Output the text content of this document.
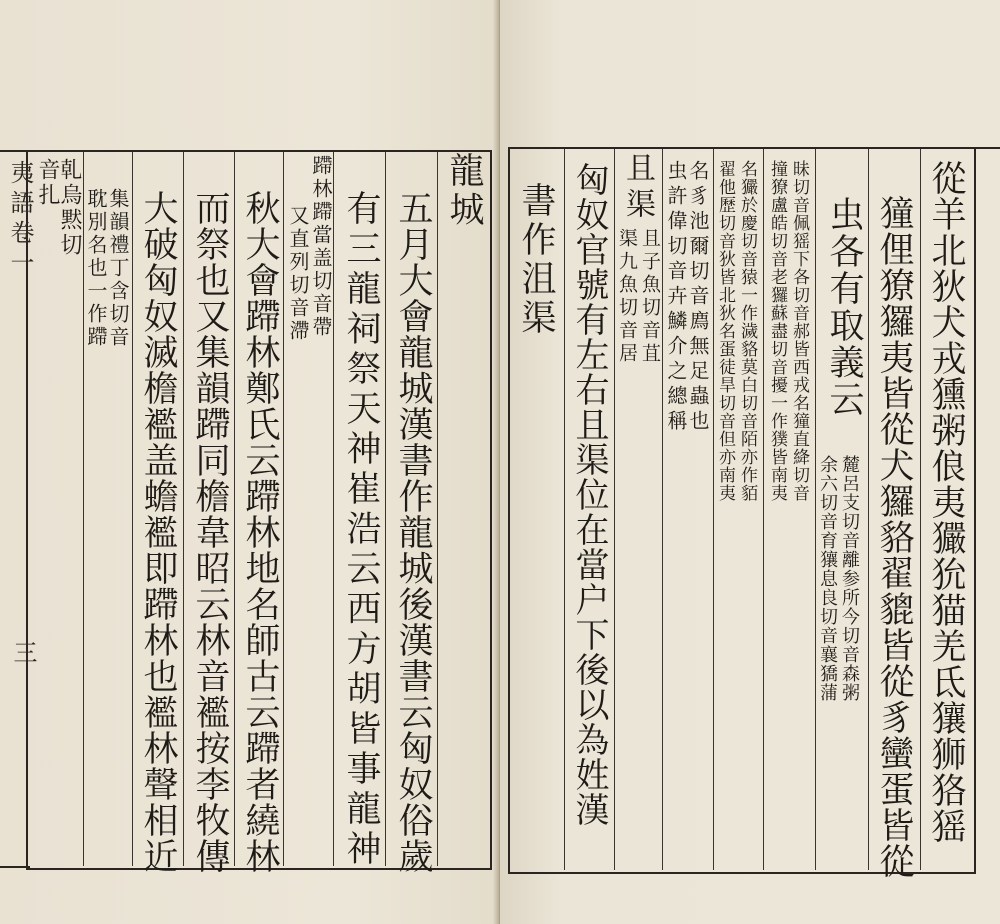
夷語卷一
三
龍城
五月大會龍城漢書作龍城後漢書云匈奴俗歲
有三龍祠祭天神崔浩云西方胡皆事龍神
蹛林蹛當盖切音帶
又直列切音滯
秋大會蹛林鄭氏云蹛林地名師古云蹛者繞林
而祭也又集韻蹛同檐韋昭云林音襤按李牧傳
大破匈奴滅檐襤盖蟾襤即蹛林也襤林聲相近
集韻禮丁含切音
耽別名也一作蹛
乹烏黙切
音扎	從羊北狄犬戎獯粥俍夷玁狁猫羌氐獽狮狢猺
獞俚獠玀夷皆從犬玀貉翟貔皆從豸蠻蛋皆從
虫各有取義云
麓呂支切音離参所今切音森粥
余六切音育獽息良切音襄獢蒲
昧切音佩猺下各切音郝皆西戎名獞直絳切音
撞獠盧皓切音老玀蘇盡切音擾一作獛皆南夷
名玁於慶切音猿一作濊貉莫白切音陌亦作貊
翟他歷切音狄皆北狄名蛋徒旱切音但亦南夷
名豸池爾切音廌無足蟲也
虫許偉切音卉鱗介之總稱
且渠
且子魚切音苴
渠九魚切音居
匈奴官號有左右且渠位在當户下後以為姓漢
書作沮渠
